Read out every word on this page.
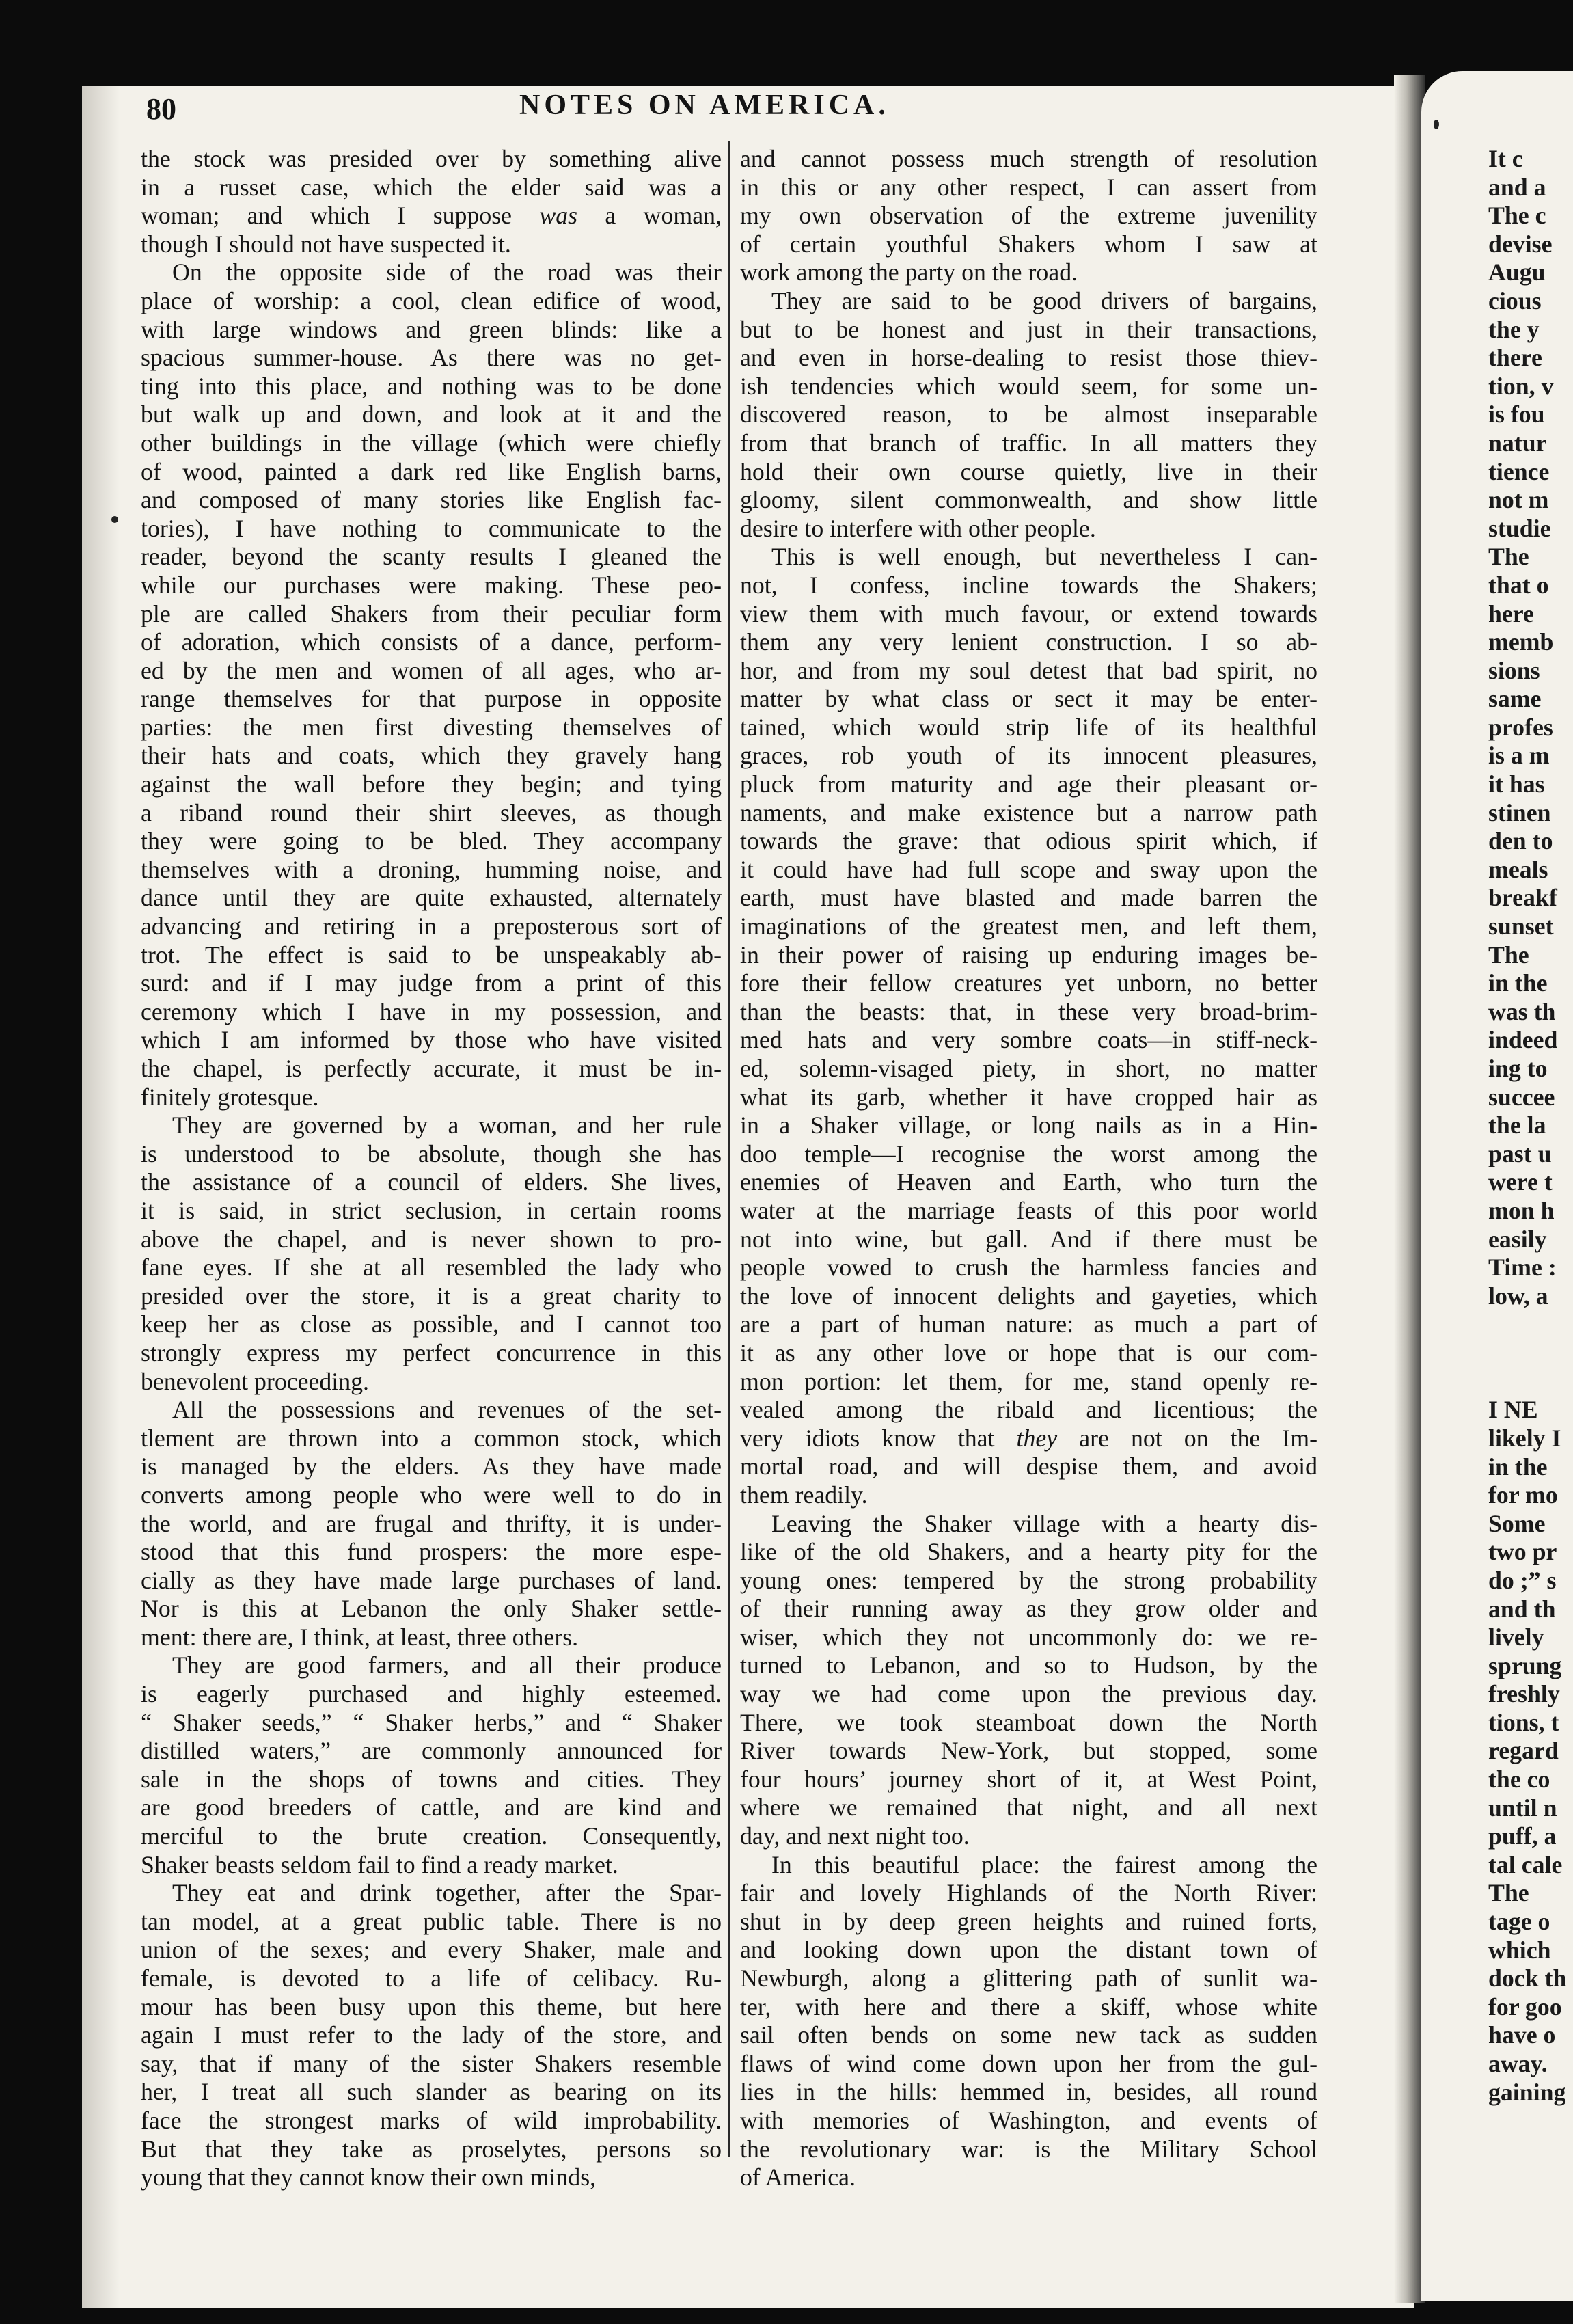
80	NOTES ON AMERICA.
the stock was presided over by something alive
in a russet case, which the elder said was a
woman; and which I suppose was a woman,
though I should not have suspected it.
On the opposite side of the road was their
place of worship: a cool, clean edifice of wood,
with large windows and green blinds: like a
spacious summer-house. As there was no get-
ting into this place, and nothing was to be done
but walk up and down, and look at it and the
other buildings in the village (which were chiefly
of wood, painted a dark red like English barns,
and composed of many stories like English fac-
tories), I have nothing to communicate to the
reader, beyond the scanty results I gleaned the
while our purchases were making. These peo-
ple are called Shakers from their peculiar form
of adoration, which consists of a dance, perform-
ed by the men and women of all ages, who ar-
range themselves for that purpose in opposite
parties: the men first divesting themselves of
their hats and coats, which they gravely hang
against the wall before they begin; and tying
a riband round their shirt sleeves, as though
they were going to be bled. They accompany
themselves with a droning, humming noise, and
dance until they are quite exhausted, alternately
advancing and retiring in a preposterous sort of
trot. The effect is said to be unspeakably ab-
surd: and if I may judge from a print of this
ceremony which I have in my possession, and
which I am informed by those who have visited
the chapel, is perfectly accurate, it must be in-
finitely grotesque.
They are governed by a woman, and her rule
is understood to be absolute, though she has
the assistance of a council of elders. She lives,
it is said, in strict seclusion, in certain rooms
above the chapel, and is never shown to pro-
fane eyes. If she at all resembled the lady who
presided over the store, it is a great charity to
keep her as close as possible, and I cannot too
strongly express my perfect concurrence in this
benevolent proceeding.
All the possessions and revenues of the set-
tlement are thrown into a common stock, which
is managed by the elders. As they have made
converts among people who were well to do in
the world, and are frugal and thrifty, it is under-
stood that this fund prospers: the more espe-
cially as they have made large purchases of land.
Nor is this at Lebanon the only Shaker settle-
ment: there are, I think, at least, three others.
They are good farmers, and all their produce
is eagerly purchased and highly esteemed.
“ Shaker seeds,” “ Shaker herbs,” and “ Shaker
distilled waters,” are commonly announced for
sale in the shops of towns and cities. They
are good breeders of cattle, and are kind and
merciful to the brute creation. Consequently,
Shaker beasts seldom fail to find a ready market.
They eat and drink together, after the Spar-
tan model, at a great public table. There is no
union of the sexes; and every Shaker, male and
female, is devoted to a life of celibacy. Ru-
mour has been busy upon this theme, but here
again I must refer to the lady of the store, and
say, that if many of the sister Shakers resemble
her, I treat all such slander as bearing on its
face the strongest marks of wild improbability.
But that they take as proselytes, persons so
young that they cannot know their own minds,
and cannot possess much strength of resolution
in this or any other respect, I can assert from
my own observation of the extreme juvenility
of certain youthful Shakers whom I saw at
work among the party on the road.
They are said to be good drivers of bargains,
but to be honest and just in their transactions,
and even in horse-dealing to resist those thiev-
ish tendencies which would seem, for some un-
discovered reason, to be almost inseparable
from that branch of traffic. In all matters they
hold their own course quietly, live in their
gloomy, silent commonwealth, and show little
desire to interfere with other people.
This is well enough, but nevertheless I can-
not, I confess, incline towards the Shakers;
view them with much favour, or extend towards
them any very lenient construction. I so ab-
hor, and from my soul detest that bad spirit, no
matter by what class or sect it may be enter-
tained, which would strip life of its healthful
graces, rob youth of its innocent pleasures,
pluck from maturity and age their pleasant or-
naments, and make existence but a narrow path
towards the grave: that odious spirit which, if
it could have had full scope and sway upon the
earth, must have blasted and made barren the
imaginations of the greatest men, and left them,
in their power of raising up enduring images be-
fore their fellow creatures yet unborn, no better
than the beasts: that, in these very broad-brim-
med hats and very sombre coats—in stiff-neck-
ed, solemn-visaged piety, in short, no matter
what its garb, whether it have cropped hair as
in a Shaker village, or long nails as in a Hin-
doo temple—I recognise the worst among the
enemies of Heaven and Earth, who turn the
water at the marriage feasts of this poor world
not into wine, but gall. And if there must be
people vowed to crush the harmless fancies and
the love of innocent delights and gayeties, which
are a part of human nature: as much a part of
it as any other love or hope that is our com-
mon portion: let them, for me, stand openly re-
vealed among the ribald and licentious; the
very idiots know that they are not on the Im-
mortal road, and will despise them, and avoid
them readily.
Leaving the Shaker village with a hearty dis-
like of the old Shakers, and a hearty pity for the
young ones: tempered by the strong probability
of their running away as they grow older and
wiser, which they not uncommonly do: we re-
turned to Lebanon, and so to Hudson, by the
way we had come upon the previous day.
There, we took steamboat down the North
River towards New-York, but stopped, some
four hours’ journey short of it, at West Point,
where we remained that night, and all next
day, and next night too.
In this beautiful place: the fairest among the
fair and lovely Highlands of the North River:
shut in by deep green heights and ruined forts,
and looking down upon the distant town of
Newburgh, along a glittering path of sunlit wa-
ter, with here and there a skiff, whose white
sail often bends on some new tack as sudden
flaws of wind come down upon her from the gul-
lies in the hills: hemmed in, besides, all round
with memories of Washington, and events of
the revolutionary war: is the Military School
of America.
It c
and a
The c
devise
Augu
cious
the y
there
tion, v
is fou
natur
tience
not m
studie
The
that o
here
memb
sions
same
profes
is a m
it has
stinen
den to
meals
breakf
sunset
The
in the
was th
indeed
ing to
succee
the la
past u
were t
mon h
easily
Time :
low, a
I NE
likely I
in the
for mo
Some
two pr
do ;” s
and th
lively
sprung
freshly
tions, t
regard
the co
until n
puff, a
tal cale
The
tage o
which
dock th
for goo
have o
away.
gaining
